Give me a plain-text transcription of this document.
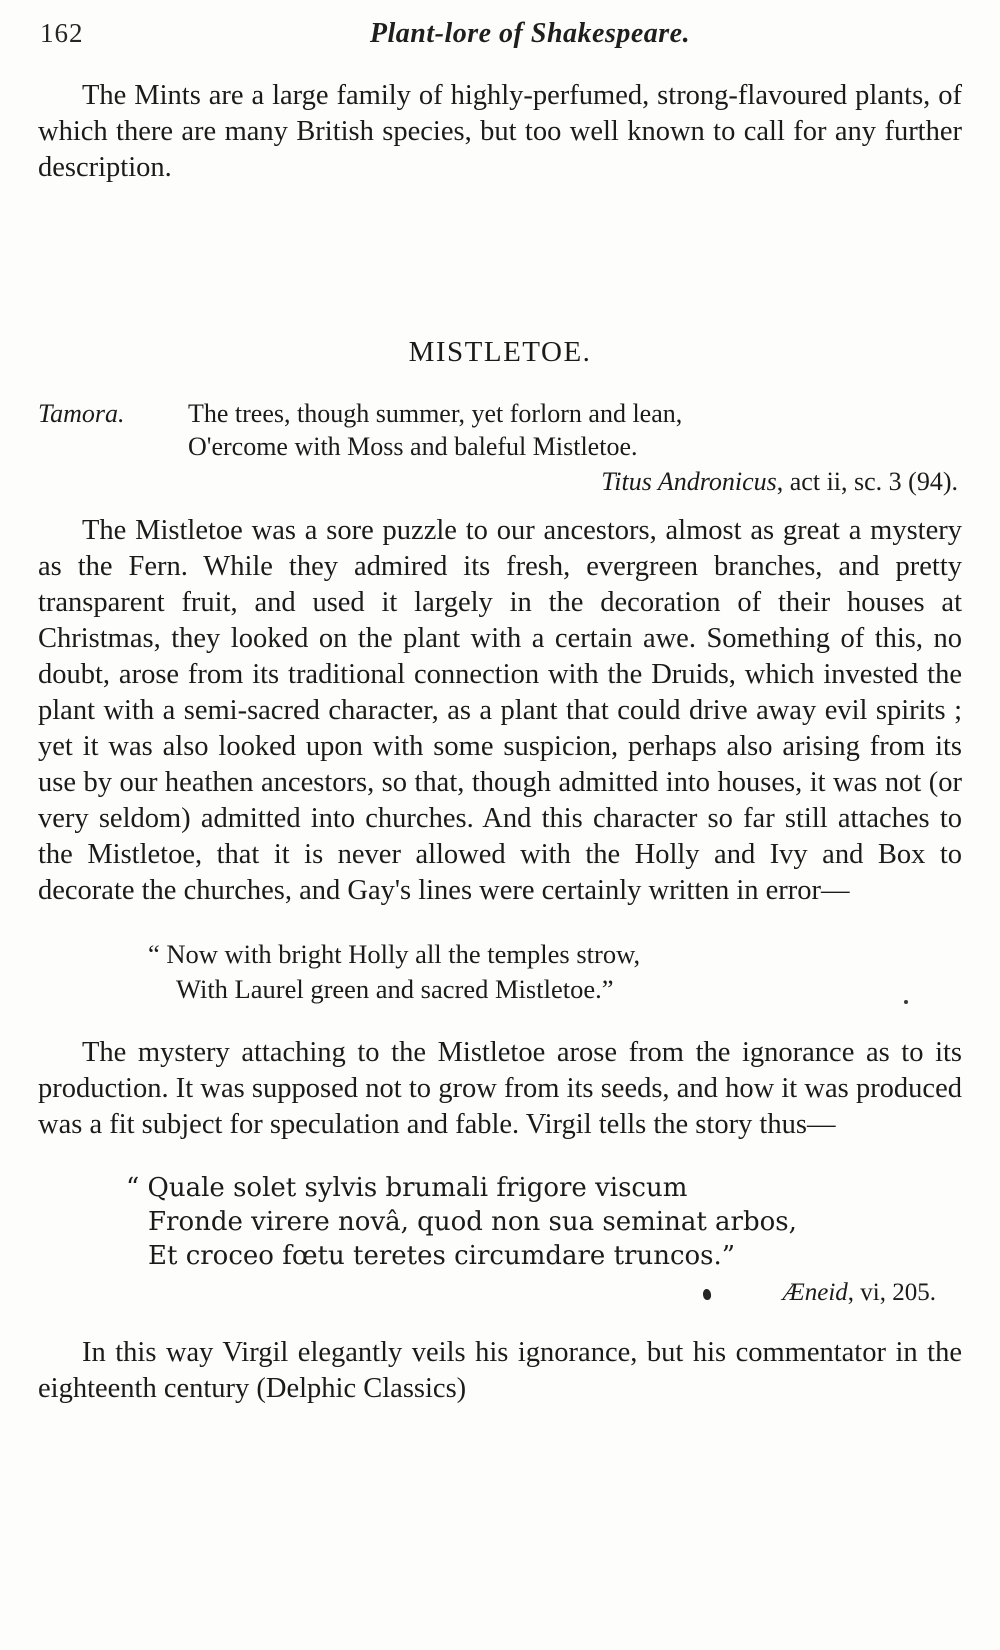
162	Plant-lore of Shakespeare.

The Mints are a large family of highly-perfumed, strong-flavoured plants, of which there are many British species, but too well known to call for any further description.

MISTLETOE.
Tamora. The trees, though summer, yet forlorn and lean,
O'ercome with Moss and baleful Mistletoe.
Titus Andronicus, act ii, sc. 3 (94).

The Mistletoe was a sore puzzle to our ancestors, almost as great a mystery as the Fern. While they admired its fresh, evergreen branches, and pretty transparent fruit, and used it largely in the decoration of their houses at Christmas, they looked on the plant with a certain awe. Something of this, no doubt, arose from its traditional connection with the Druids, which invested the plant with a semi-sacred character, as a plant that could drive away evil spirits ; yet it was also looked upon with some suspicion, perhaps also arising from its use by our heathen ancestors, so that, though admitted into houses, it was not (or very seldom) admitted into churches. And this character so far still attaches to the Mistletoe, that it is never allowed with the Holly and Ivy and Box to decorate the churches, and Gay's lines were certainly written in error—

“ Now with bright Holly all the temples strow,
With Laurel green and sacred Mistletoe.”

The mystery attaching to the Mistletoe arose from the ignorance as to its production. It was supposed not to grow from its seeds, and how it was produced was a fit subject for speculation and fable. Virgil tells the story thus—

“ Quale solet sylvis brumali frigore viscum
Fronde virere novâ, quod non sua seminat arbos,
Et croceo fœtu teretes circumdare truncos.”
Æneid, vi, 205.

In this way Virgil elegantly veils his ignorance, but his commentator in the eighteenth century (Delphic Classics)
